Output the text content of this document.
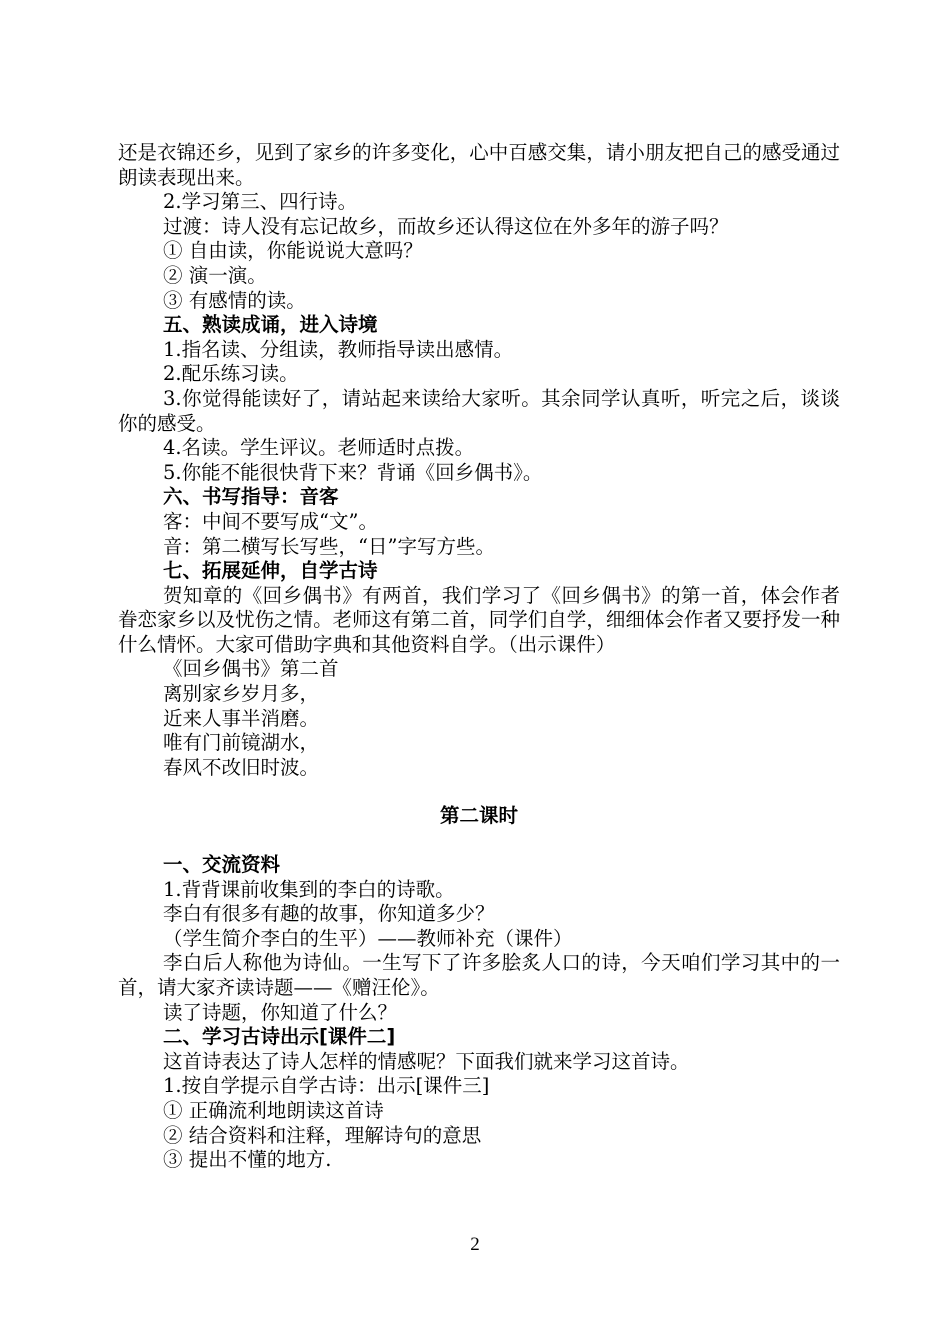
还是衣锦还乡，见到了家乡的许多变化，心中百感交集，请小朋友把自己的感受通过朗读表现出来。

2.学习第三、四行诗。

过渡：诗人没有忘记故乡，而故乡还认得这位在外多年的游子吗？

① 自由读，你能说说大意吗？

② 演一演。

③ 有感情的读。

五、熟读成诵，进入诗境

1.指名读、分组读，教师指导读出感情。

2.配乐练习读。

3.你觉得能读好了，请站起来读给大家听。其余同学认真听，听完之后，谈谈你的感受。

4.名读。学生评议。老师适时点拨。

5.你能不能很快背下来？背诵《回乡偶书》。

六、书写指导：音客

客：中间不要写成“文”。

音：第二横写长写些，“日”字写方些。

七、拓展延伸，自学古诗

贺知章的《回乡偶书》有两首，我们学习了《回乡偶书》的第一首，体会作者眷恋家乡以及忧伤之情。老师这有第二首，同学们自学，细细体会作者又要抒发一种什么情怀。大家可借助字典和其他资料自学。（出示课件）

《回乡偶书》第二首

离别家乡岁月多，

近来人事半消磨。

唯有门前镜湖水，

春风不改旧时波。

第二课时

一、交流资料

1.背背课前收集到的李白的诗歌。

李白有很多有趣的故事，你知道多少？

（学生简介李白的生平）——教师补充（课件）

李白后人称他为诗仙。一生写下了许多脍炙人口的诗，今天咱们学习其中的一首，请大家齐读诗题——《赠汪伦》。

读了诗题，你知道了什么？

二、学习古诗出示[课件二]

这首诗表达了诗人怎样的情感呢？下面我们就来学习这首诗。

1.按自学提示自学古诗：出示[课件三]

① 正确流利地朗读这首诗

② 结合资料和注释，理解诗句的意思

③ 提出不懂的地方.

2
